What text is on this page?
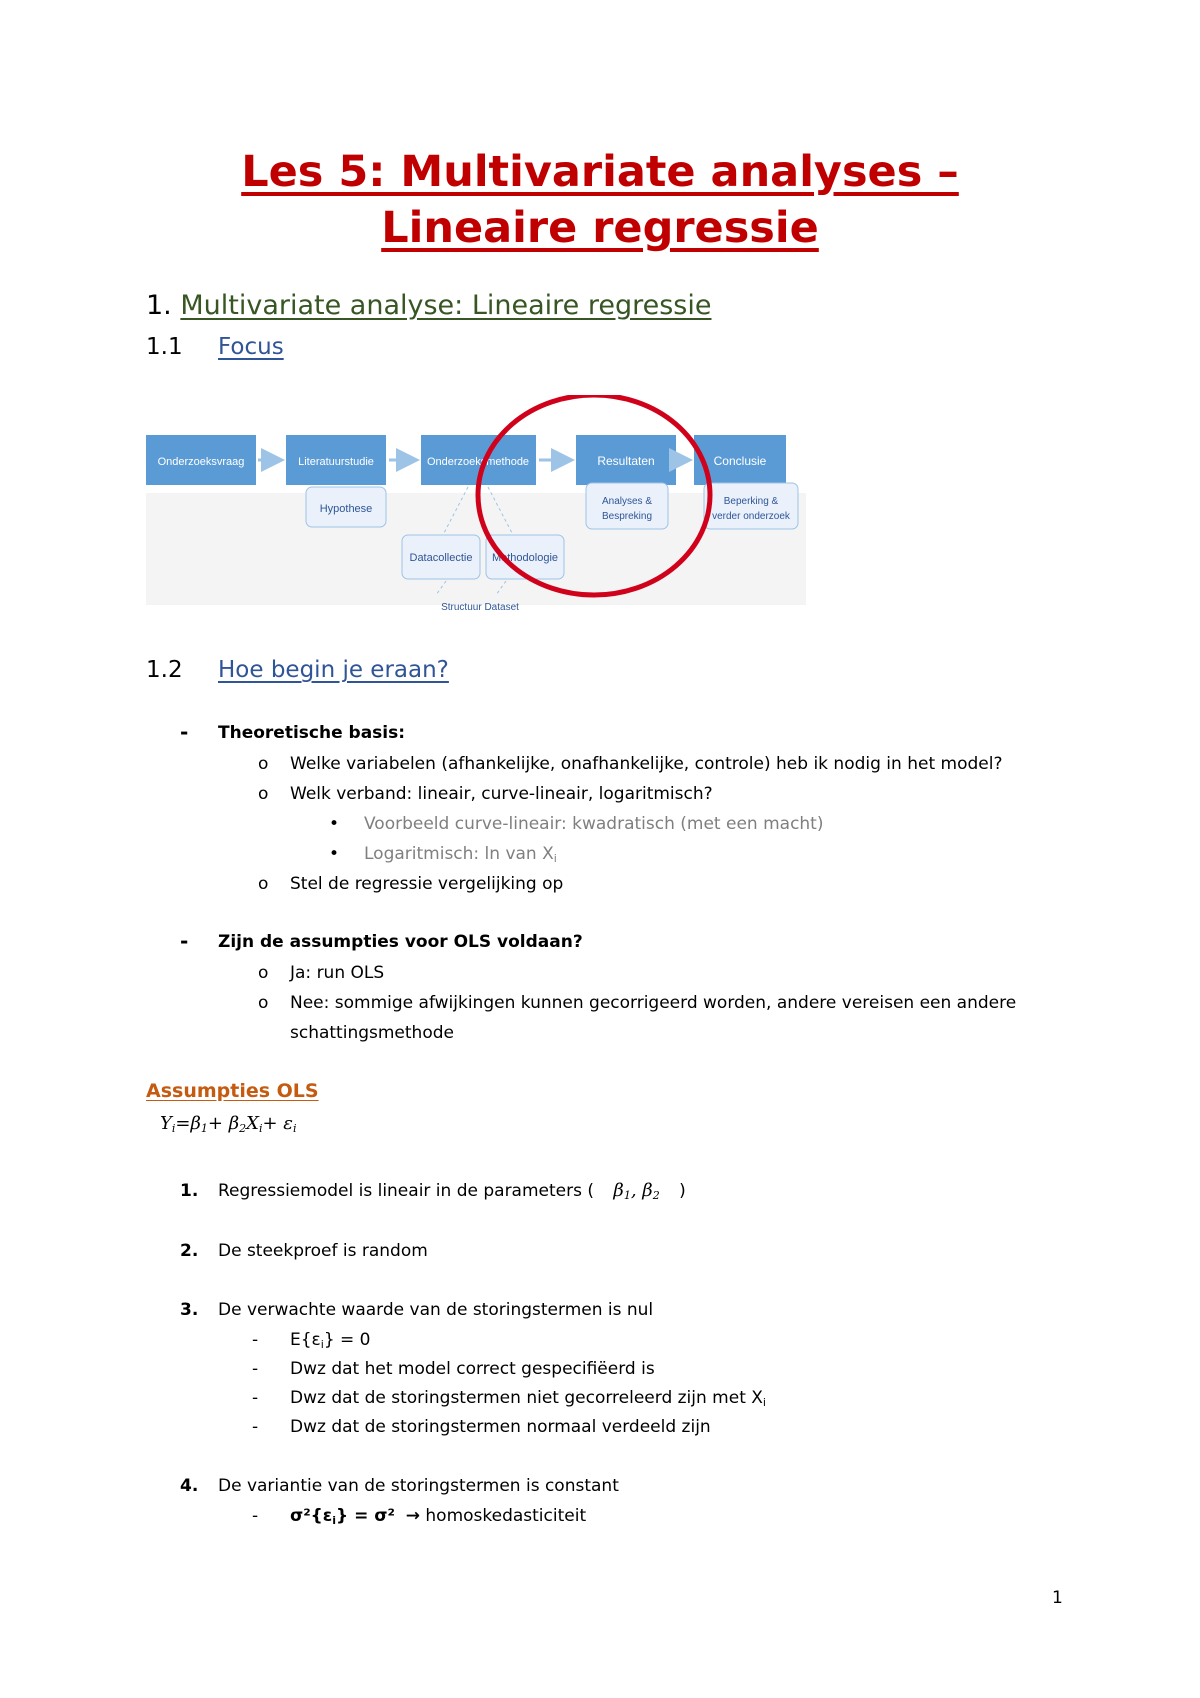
Les 5: Multivariate analyses –
Lineaire regressie
1. Multivariate analyse: Lineaire regressie
1.1 Focus
Onderzoeksvraag	Literatuurstudie	Onderzoeksmethode	Resultaten	Conclusie
Hypothese
Datacollectie Methodologie
Analyses &
Bespreking
Beperking &
verder onderzoek
Structuur Dataset
1.2 Hoe begin je eraan?
- Theoretische basis:
o Welke variabelen (afhankelijke, onafhankelijke, controle) heb ik nodig in het model?
o Welk verband: lineair, curve-lineair, logaritmisch?
• Voorbeeld curve-lineair: kwadratisch (met een macht)
• Logaritmisch: ln van $X_i$
o Stel de regressie vergelijking op
- Zijn de assumpties voor OLS voldaan?
o Ja: run OLS
o Nee: sommige afwijkingen kunnen gecorrigeerd worden, andere vereisen een andere
schattingsmethode
Assumpties OLS
$Y_i=\beta_1+ \beta_2X_i+ \varepsilon_i$
1. Regressiemodel is lineair in de parameters ( $\beta_1$, $\beta_2$ )
2. De steekproef is random
3. De verwachte waarde van de storingstermen is nul
- $E\{\varepsilon_i\} = 0$
- Dwz dat het model correct gespecifiëerd is
- Dwz dat de storingstermen niet gecorreleerd zijn met $X_i$
- Dwz dat de storingstermen normaal verdeeld zijn
4. De variantie van de storingstermen is constant
- $\sigma^2\{\varepsilon_i\} = \sigma^2$ → homoskedasticiteit
1
